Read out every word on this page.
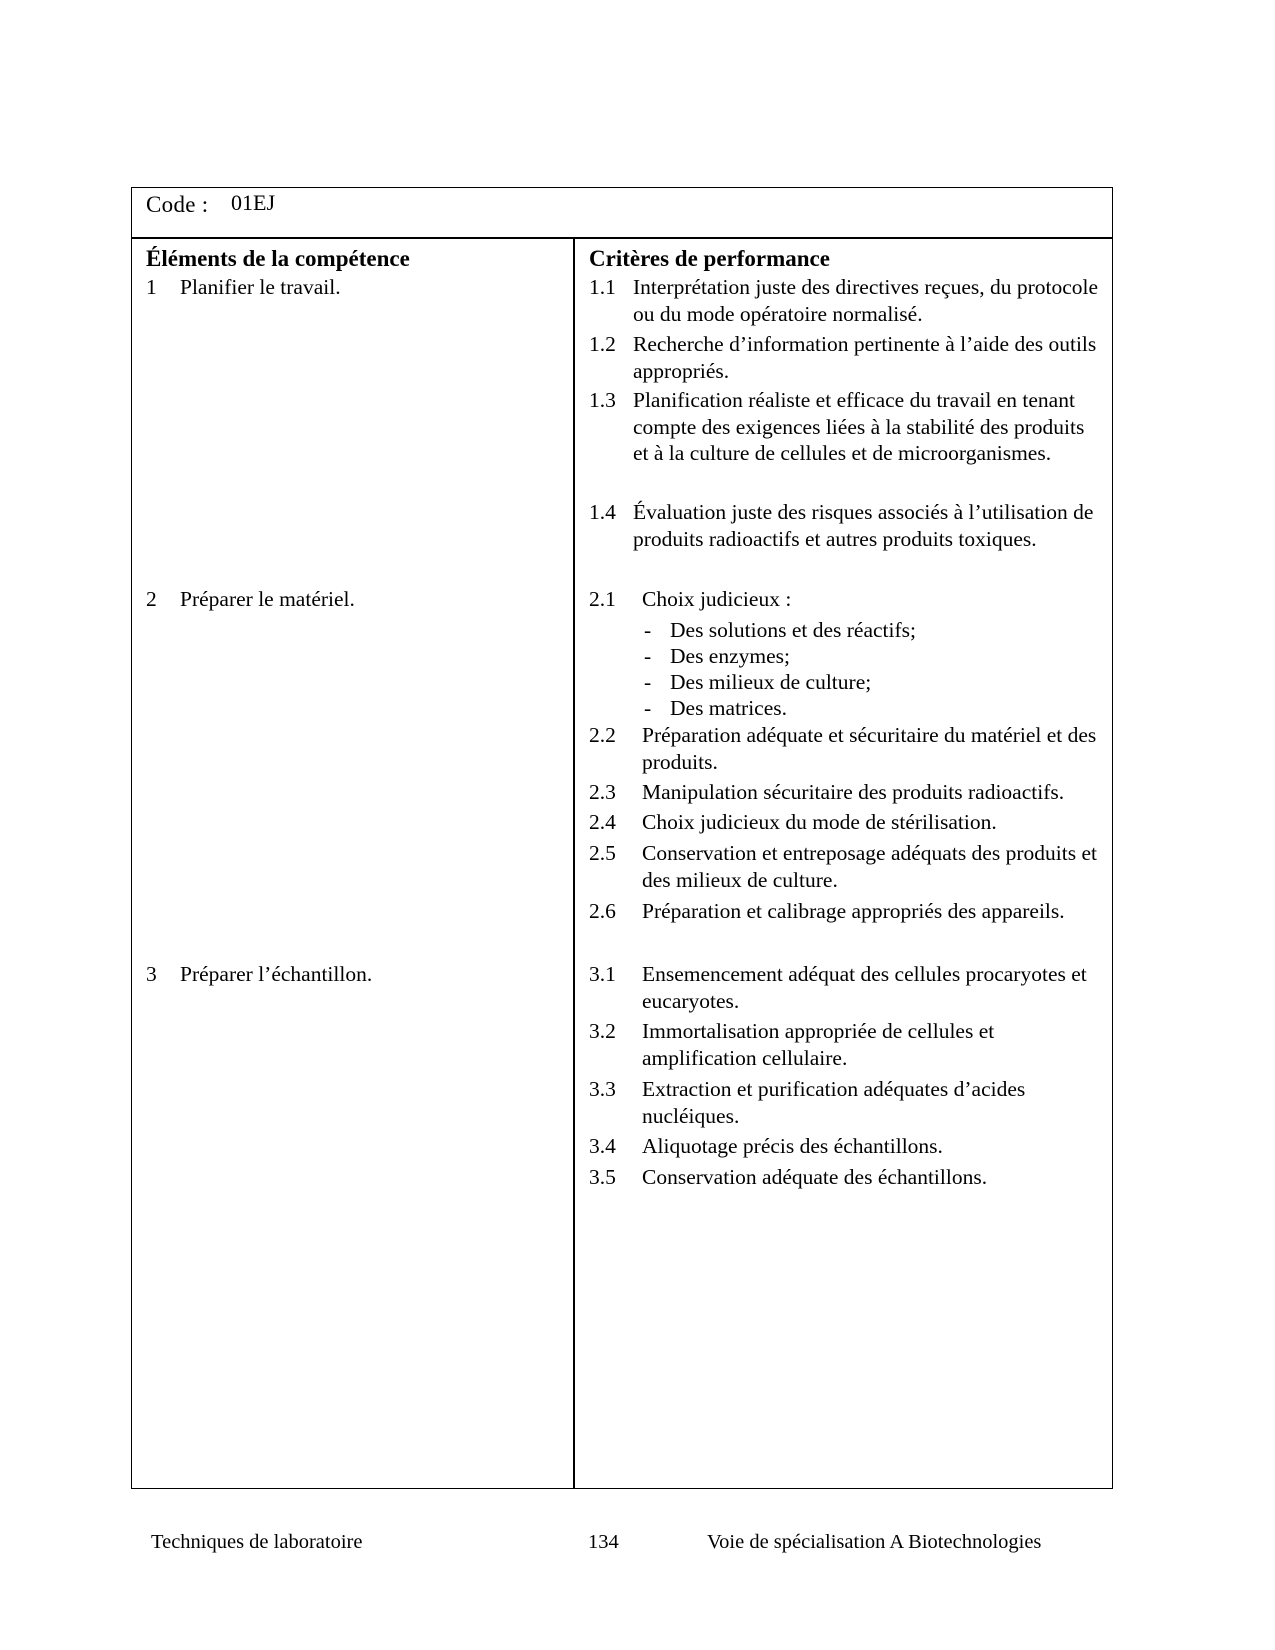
Code : 01EJ
Éléments de la compétence
1 Planifier le travail.
2 Préparer le matériel.
3 Préparer l’échantillon.
Critères de performance
1.1 Interprétation juste des directives reçues, du protocole ou du mode opératoire normalisé.
1.2 Recherche d’information pertinente à l’aide des outils appropriés.
1.3 Planification réaliste et efficace du travail en tenant compte des exigences liées à la stabilité des produits et à la culture de cellules et de microorganismes.
1.4 Évaluation juste des risques associés à l’utilisation de produits radioactifs et autres produits toxiques.
2.1 Choix judicieux :
- Des solutions et des réactifs;
- Des enzymes;
- Des milieux de culture;
- Des matrices.
2.2 Préparation adéquate et sécuritaire du matériel et des produits.
2.3 Manipulation sécuritaire des produits radioactifs.
2.4 Choix judicieux du mode de stérilisation.
2.5 Conservation et entreposage adéquats des produits et des milieux de culture.
2.6 Préparation et calibrage appropriés des appareils.
3.1 Ensemencement adéquat des cellules procaryotes et eucaryotes.
3.2 Immortalisation appropriée de cellules et amplification cellulaire.
3.3 Extraction et purification adéquates d’acides nucléiques.
3.4 Aliquotage précis des échantillons.
3.5 Conservation adéquate des échantillons.
Techniques de laboratoire	134	Voie de spécialisation A Biotechnologies
